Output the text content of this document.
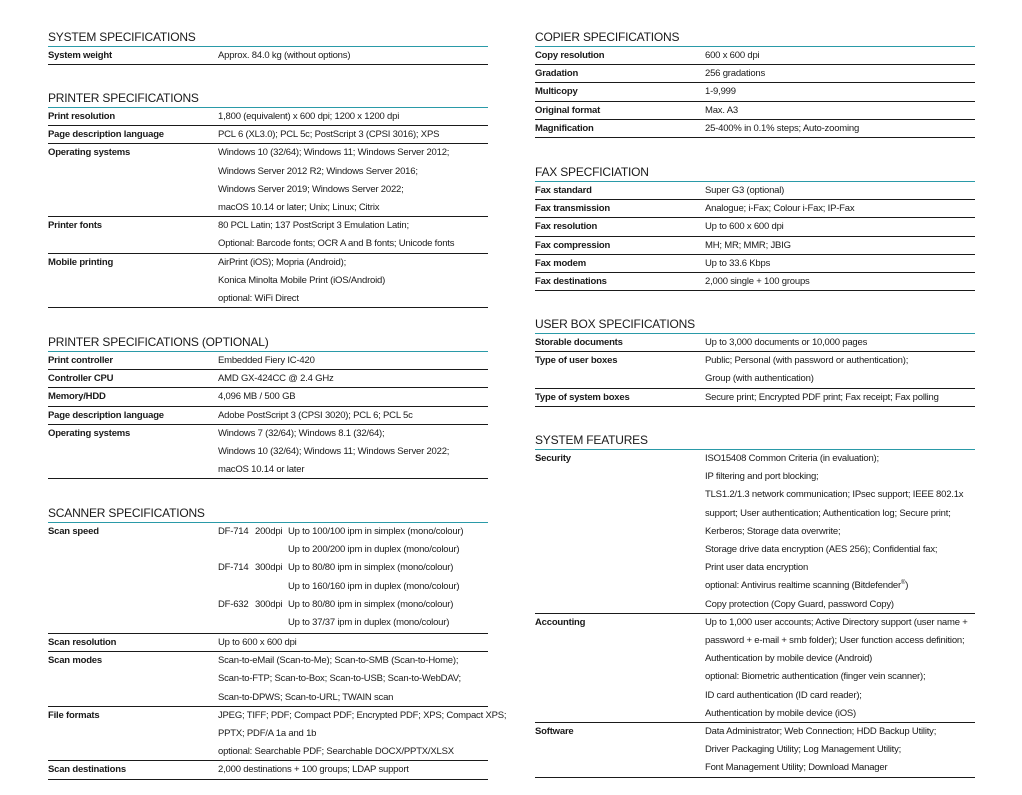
SYSTEM SPECIFICATIONS
System weight	Approx. 84.0 kg (without options)
PRINTER SPECIFICATIONS
Print resolution	1,800 (equivalent) x 600 dpi; 1200 x 1200 dpi
Page description language	PCL 6 (XL3.0); PCL 5c; PostScript 3 (CPSI 3016); XPS
Operating systems	Windows 10 (32/64); Windows 11; Windows Server 2012;
Windows Server 2012 R2; Windows Server 2016;
Windows Server 2019; Windows Server 2022;
macOS 10.14 or later; Unix; Linux; Citrix
Printer fonts	80 PCL Latin; 137 PostScript 3 Emulation Latin;
Optional: Barcode fonts; OCR A and B fonts; Unicode fonts
Mobile printing	AirPrint (iOS); Mopria (Android);
Konica Minolta Mobile Print (iOS/Android)
optional: WiFi Direct
PRINTER SPECIFICATIONS (OPTIONAL)
Print controller	Embedded Fiery IC-420
Controller CPU	AMD GX-424CC @ 2.4 GHz
Memory/HDD	4,096 MB / 500 GB
Page description language	Adobe PostScript 3 (CPSI 3020); PCL 6; PCL 5c
Operating systems	Windows 7 (32/64); Windows 8.1 (32/64);
Windows 10 (32/64); Windows 11; Windows Server 2022;
macOS 10.14 or later
SCANNER SPECIFICATIONS
Scan speed	DF-714 200dpi Up to 100/100 ipm in simplex (mono/colour)
Up to 200/200 ipm in duplex (mono/colour)
DF-714 300dpi Up to 80/80 ipm in simplex (mono/colour)
Up to 160/160 ipm in duplex (mono/colour)
DF-632 300dpi Up to 80/80 ipm in simplex (mono/colour)
Up to 37/37 ipm in duplex (mono/colour)
Scan resolution	Up to 600 x 600 dpi
Scan modes	Scan-to-eMail (Scan-to-Me); Scan-to-SMB (Scan-to-Home);
Scan-to-FTP; Scan-to-Box; Scan-to-USB; Scan-to-WebDAV;
Scan-to-DPWS; Scan-to-URL; TWAIN scan
File formats	JPEG; TIFF; PDF; Compact PDF; Encrypted PDF; XPS; Compact XPS;
PPTX; PDF/A 1a and 1b
optional: Searchable PDF; Searchable DOCX/PPTX/XLSX
Scan destinations	2,000 destinations + 100 groups; LDAP support
COPIER SPECIFICATIONS
Copy resolution	600 x 600 dpi
Gradation	256 gradations
Multicopy	1-9,999
Original format	Max. A3
Magnification	25-400% in 0.1% steps; Auto-zooming
FAX SPECFICIATION
Fax standard	Super G3 (optional)
Fax transmission	Analogue; i-Fax; Colour i-Fax; IP-Fax
Fax resolution	Up to 600 x 600 dpi
Fax compression	MH; MR; MMR; JBIG
Fax modem	Up to 33.6 Kbps
Fax destinations	2,000 single + 100 groups
USER BOX SPECIFICATIONS
Storable documents	Up to 3,000 documents or 10,000 pages
Type of user boxes	Public; Personal (with password or authentication);
Group (with authentication)
Type of system boxes	Secure print; Encrypted PDF print; Fax receipt; Fax polling
SYSTEM FEATURES
Security	ISO15408 Common Criteria (in evaluation);
IP filtering and port blocking;
TLS1.2/1.3 network communication; IPsec support; IEEE 802.1x
support; User authentication; Authentication log; Secure print;
Kerberos; Storage data overwrite;
Storage drive data encryption (AES 256); Confidential fax;
Print user data encryption
optional: Antivirus realtime scanning (Bitdefender®)
Copy protection (Copy Guard, password Copy)
Accounting	Up to 1,000 user accounts; Active Directory support (user name +
password + e-mail + smb folder); User function access definition;
Authentication by mobile device (Android)
optional: Biometric authentication (finger vein scanner);
ID card authentication (ID card reader);
Authentication by mobile device (iOS)
Software	Data Administrator; Web Connection; HDD Backup Utility;
Driver Packaging Utility; Log Management Utility;
Font Management Utility; Download Manager
